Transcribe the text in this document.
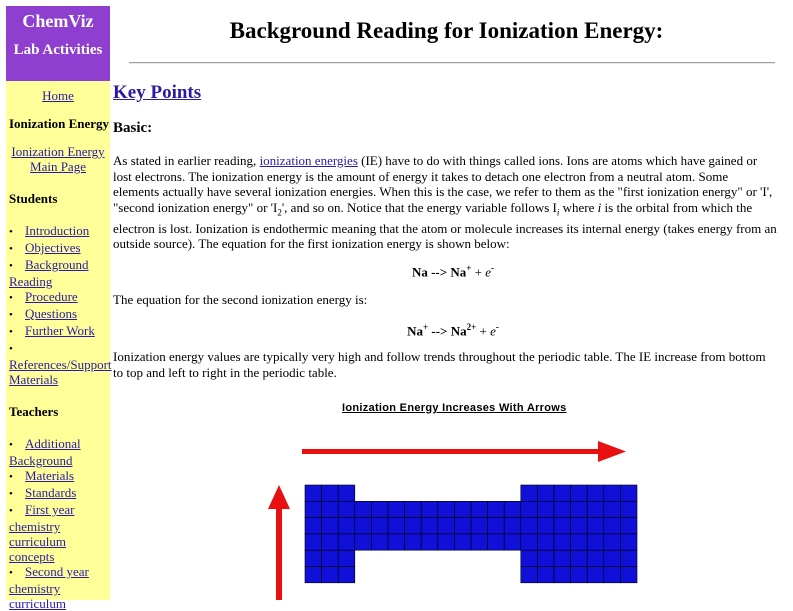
ChemViz
Lab Activities
Home

Ionization Energy

Ionization Energy Main Page

Students

• Introduction
• Objectives
• Background Reading
• Procedure
• Questions
• Further Work
•
References/Support Materials

Teachers

• Additional Background
• Materials
• Standards
• First year chemistry curriculum concepts
• Second year chemistry curriculum
Background Reading for Ionization Energy:
Key Points
Basic:
As stated in earlier reading, ionization energies (IE) have to do with things called ions. Ions are atoms which have gained or lost electrons. The ionization energy is the amount of energy it takes to detach one electron from a neutral atom. Some elements actually have several ionization energies. When this is the case, we refer to them as the "first ionization energy" or 'I', "second ionization energy" or '$I_2$', and so on. Notice that the energy variable follows $I_i$ where i is the orbital from which the electron is lost. Ionization is endothermic meaning that the atom or molecule increases its internal energy (takes energy from an outside source). The equation for the first ionization energy is shown below:
Na --> Na+ + e-
The equation for the second ionization energy is:
Na+ --> $Na^{2+} + e^-$
Ionization energy values are typically very high and follow trends throughout the periodic table. The IE increase from bottom to top and left to right in the periodic table.
Ionization Energy Increases With Arrows
